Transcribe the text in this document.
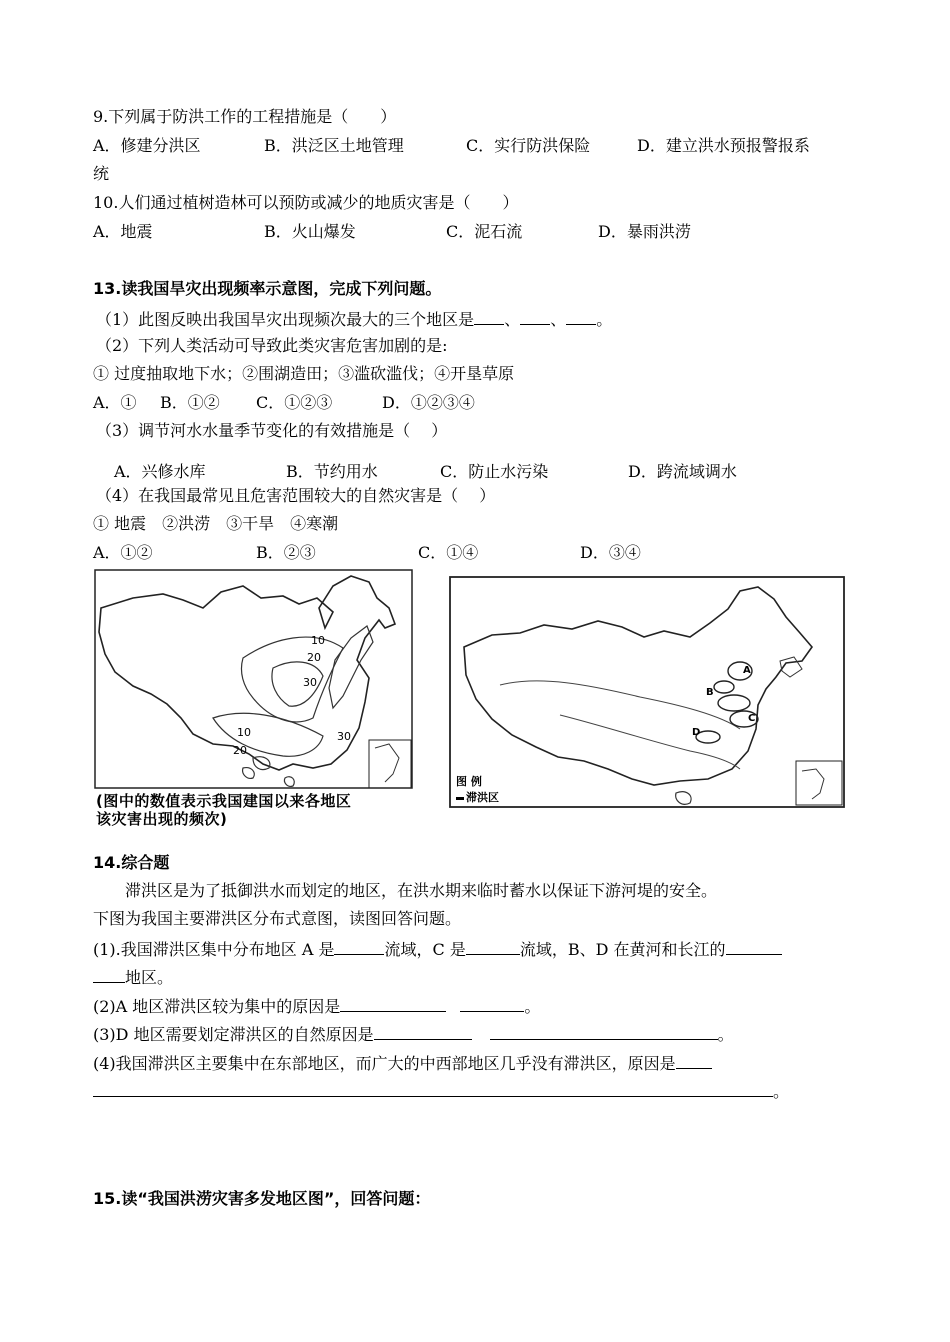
9.下列属于防洪工作的工程措施是（　　）
A．修建分洪区	B．洪泛区土地管理	C．实行防洪保险	D．建立洪水预报警报系
统
10.人们通过植树造林可以预防或减少的地质灾害是（　　）
A．地震	B．火山爆发	C．泥石流	D．暴雨洪涝
13.读我国旱灾出现频率示意图，完成下列问题。
（1）此图反映出我国旱灾出现频次最大的三个地区是 、 、 。
（2）下列人类活动可导致此类灾害危害加剧的是:
① 过度抽取地下水；②围湖造田；③滥砍滥伐；④开垦草原
A．① B．①② C．①②③	D．①②③④
（3）调节河水水量季节变化的有效措施是（　 ）
A．兴修水库	B．节约用水	C．防止水污染	D．跨流域调水
（4）在我国最常见且危害范围较大的自然灾害是（　 ）
① 地震　②洪涝　③干旱　④寒潮
A．①②	B．②③	C．①④	D．③④
10
20
30
10
20
30
(图中的数值表示我国建国以来各地区
该灾害出现的频次)
A
B
C
D
图 例
滞洪区
14.综合题
　　滞洪区是为了抵御洪水而划定的地区，在洪水期来临时蓄水以保证下游河堤的安全。
下图为我国主要滞洪区分布式意图，读图回答问题。
(1).我国滞洪区集中分布地区 A 是	流域，C 是	流域，B、D 在黄河和长江的
地区。
(2)A 地区滞洪区较为集中的原因是	。
(3)D 地区需要划定滞洪区的自然原因是	。
(4)我国滞洪区主要集中在东部地区，而广大的中西部地区几乎没有滞洪区，原因是
。
15.读“我国洪涝灾害多发地区图”，回答问题：
